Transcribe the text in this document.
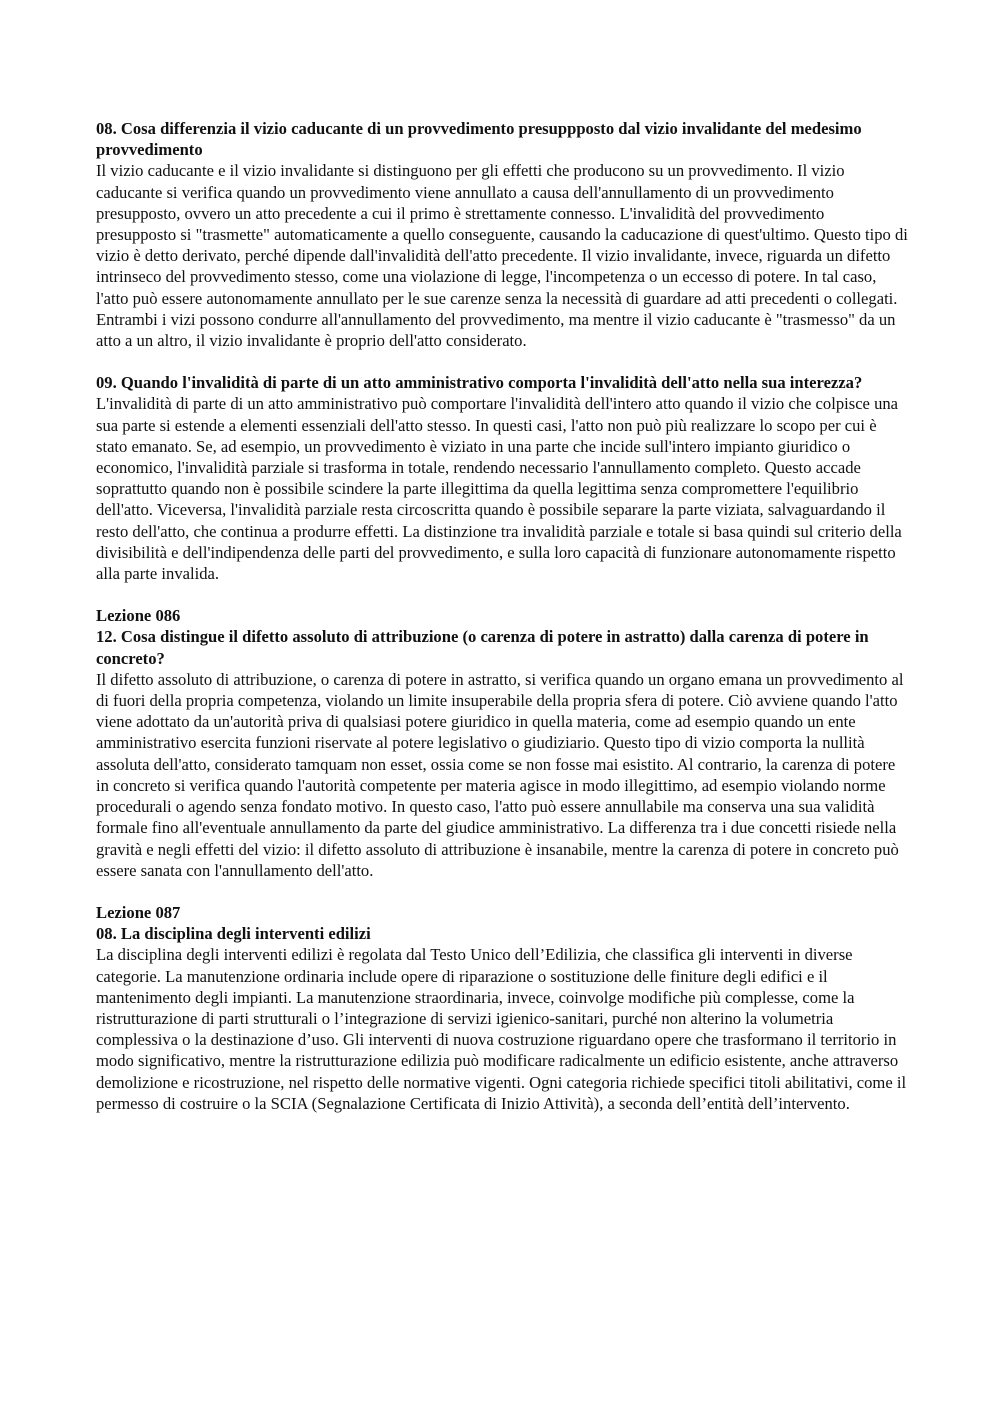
08. Cosa differenzia il vizio caducante di un provvedimento presuppposto dal vizio invalidante del medesimo provvedimento

Il vizio caducante e il vizio invalidante si distinguono per gli effetti che producono su un provvedimento. Il vizio caducante si verifica quando un provvedimento viene annullato a causa dell'annullamento di un provvedimento presupposto, ovvero un atto precedente a cui il primo è strettamente connesso. L'invalidità del provvedimento presupposto si "trasmette" automaticamente a quello conseguente, causando la caducazione di quest'ultimo. Questo tipo di vizio è detto derivato, perché dipende dall'invalidità dell'atto precedente. Il vizio invalidante, invece, riguarda un difetto intrinseco del provvedimento stesso, come una violazione di legge, l'incompetenza o un eccesso di potere. In tal caso, l'atto può essere autonomamente annullato per le sue carenze senza la necessità di guardare ad atti precedenti o collegati. Entrambi i vizi possono condurre all'annullamento del provvedimento, ma mentre il vizio caducante è "trasmesso" da un atto a un altro, il vizio invalidante è proprio dell'atto considerato.

09. Quando l'invalidità di parte di un atto amministrativo comporta l'invalidità dell'atto nella sua interezza?

L'invalidità di parte di un atto amministrativo può comportare l'invalidità dell'intero atto quando il vizio che colpisce una sua parte si estende a elementi essenziali dell'atto stesso. In questi casi, l'atto non può più realizzare lo scopo per cui è stato emanato. Se, ad esempio, un provvedimento è viziato in una parte che incide sull'intero impianto giuridico o economico, l'invalidità parziale si trasforma in totale, rendendo necessario l'annullamento completo. Questo accade soprattutto quando non è possibile scindere la parte illegittima da quella legittima senza compromettere l'equilibrio dell'atto. Viceversa, l'invalidità parziale resta circoscritta quando è possibile separare la parte viziata, salvaguardando il resto dell'atto, che continua a produrre effetti. La distinzione tra invalidità parziale e totale si basa quindi sul criterio della divisibilità e dell'indipendenza delle parti del provvedimento, e sulla loro capacità di funzionare autonomamente rispetto alla parte invalida.

Lezione 086

12. Cosa distingue il difetto assoluto di attribuzione (o carenza di potere in astratto) dalla carenza di potere in concreto?

Il difetto assoluto di attribuzione, o carenza di potere in astratto, si verifica quando un organo emana un provvedimento al di fuori della propria competenza, violando un limite insuperabile della propria sfera di potere. Ciò avviene quando l'atto viene adottato da un'autorità priva di qualsiasi potere giuridico in quella materia, come ad esempio quando un ente amministrativo esercita funzioni riservate al potere legislativo o giudiziario. Questo tipo di vizio comporta la nullità assoluta dell'atto, considerato tamquam non esset, ossia come se non fosse mai esistito. Al contrario, la carenza di potere in concreto si verifica quando l'autorità competente per materia agisce in modo illegittimo, ad esempio violando norme procedurali o agendo senza fondato motivo. In questo caso, l'atto può essere annullabile ma conserva una sua validità formale fino all'eventuale annullamento da parte del giudice amministrativo. La differenza tra i due concetti risiede nella gravità e negli effetti del vizio: il difetto assoluto di attribuzione è insanabile, mentre la carenza di potere in concreto può essere sanata con l'annullamento dell'atto.

Lezione 087

08. La disciplina degli interventi edilizi

La disciplina degli interventi edilizi è regolata dal Testo Unico dell’Edilizia, che classifica gli interventi in diverse categorie. La manutenzione ordinaria include opere di riparazione o sostituzione delle finiture degli edifici e il mantenimento degli impianti. La manutenzione straordinaria, invece, coinvolge modifiche più complesse, come la ristrutturazione di parti strutturali o l’integrazione di servizi igienico-sanitari, purché non alterino la volumetria complessiva o la destinazione d’uso. Gli interventi di nuova costruzione riguardano opere che trasformano il territorio in modo significativo, mentre la ristrutturazione edilizia può modificare radicalmente un edificio esistente, anche attraverso demolizione e ricostruzione, nel rispetto delle normative vigenti. Ogni categoria richiede specifici titoli abilitativi, come il permesso di costruire o la SCIA (Segnalazione Certificata di Inizio Attività), a seconda dell’entità dell’intervento.
